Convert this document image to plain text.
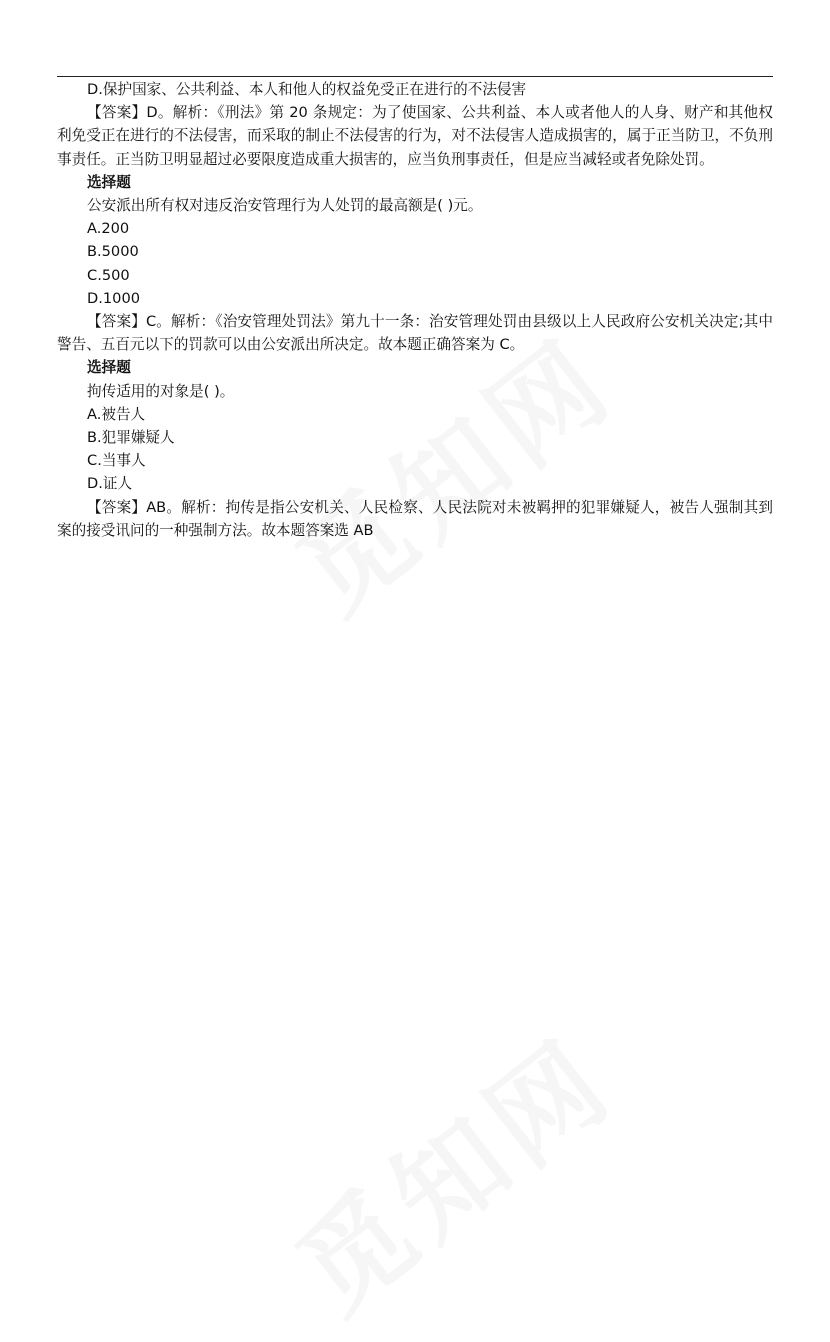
D.保护国家、公共利益、本人和他人的权益免受正在进行的不法侵害

【答案】D。解析：《刑法》第 20 条规定：为了使国家、公共利益、本人或者他人的人身、财产和其他权利免受正在进行的不法侵害，而采取的制止不法侵害的行为，对不法侵害人造成损害的，属于正当防卫，不负刑事责任。正当防卫明显超过必要限度造成重大损害的，应当负刑事责任，但是应当减轻或者免除处罚。

选择题

公安派出所有权对违反治安管理行为人处罚的最高额是( )元。

A.200

B.5000

C.500

D.1000

【答案】C。解析：《治安管理处罚法》第九十一条：治安管理处罚由县级以上人民政府公安机关决定;其中警告、五百元以下的罚款可以由公安派出所决定。故本题正确答案为 C。

选择题

拘传适用的对象是( )。

A.被告人

B.犯罪嫌疑人

C.当事人

D.证人

【答案】AB。解析：拘传是指公安机关、人民检察、人民法院对未被羁押的犯罪嫌疑人，被告人强制其到案的接受讯问的一种强制方法。故本题答案选 AB
